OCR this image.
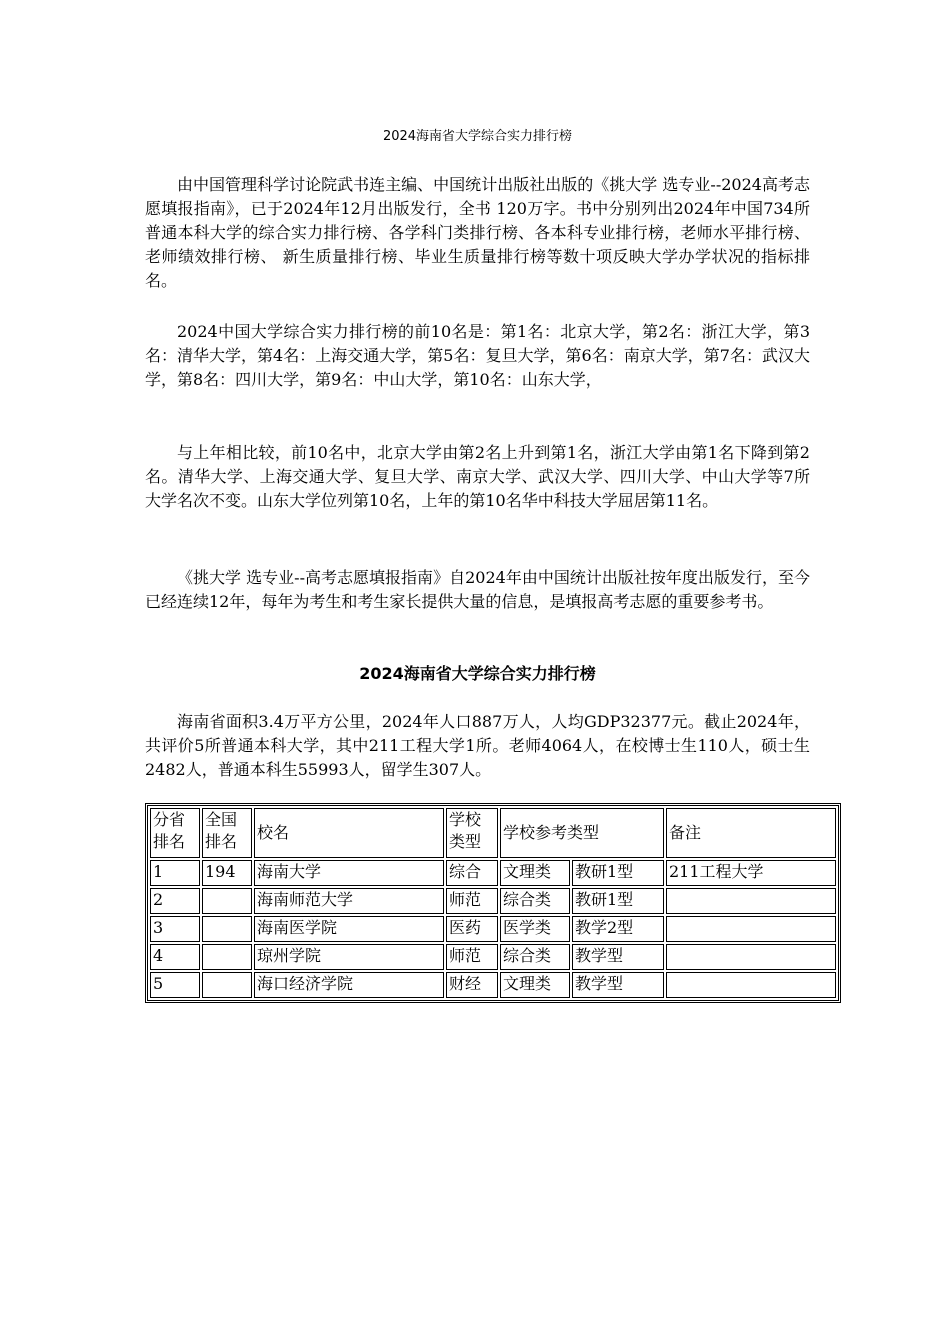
2024海南省大学综合实力排行榜

由中国管理科学讨论院武书连主编、中国统计出版社出版的《挑大学 选专业--2024高考志愿填报指南》，已于2024年12月出版发行，全书 120万字。书中分别列出2024年中国734所普通本科大学的综合实力排行榜、各学科门类排行榜、各本科专业排行榜，老师水平排行榜、老师绩效排行榜、 新生质量排行榜、毕业生质量排行榜等数十项反映大学办学状况的指标排名。

2024中国大学综合实力排行榜的前10名是：第1名：北京大学，第2名：浙江大学，第3名：清华大学，第4名：上海交通大学，第5名：复旦大学，第6名：南京大学，第7名：武汉大学，第8名：四川大学，第9名：中山大学，第10名：山东大学，

与上年相比较，前10名中，北京大学由第2名上升到第1名，浙江大学由第1名下降到第2名。清华大学、上海交通大学、复旦大学、南京大学、武汉大学、四川大学、中山大学等7所大学名次不变。山东大学位列第10名，上年的第10名华中科技大学屈居第11名。

《挑大学 选专业--高考志愿填报指南》自2024年由中国统计出版社按年度出版发行，至今已经连续12年，每年为考生和考生家长提供大量的信息，是填报高考志愿的重要参考书。

2024海南省大学综合实力排行榜

海南省面积3.4万平方公里，2024年人口887万人，人均GDP32377元。截止2024年，共评价5所普通本科大学，其中211工程大学1所。老师4064人，在校博士生110人，硕士生2482人，普通本科生55993人，留学生307人。

分省排名	全国排名	校名	学校类型	学校参考类型		备注
1	194	海南大学	综合	文理类	教研1型	211工程大学
2		海南师范大学	师范	综合类	教研1型	
3		海南医学院	医药	医学类	教学2型	
4		琼州学院	师范	综合类	教学型	
5		海口经济学院	财经	文理类	教学型	
